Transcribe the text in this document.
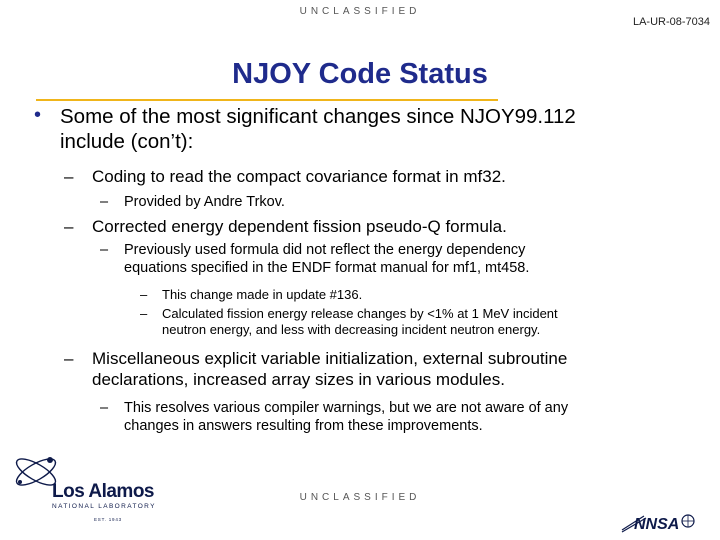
UNCLASSIFIED
LA-UR-08-7034
NJOY Code Status
• Some of the most significant changes since NJOY99.112
include (con’t):
– Coding to read the compact covariance format in mf32.
– Provided by Andre Trkov.
– Corrected energy dependent fission pseudo-Q formula.
– Previously used formula did not reflect the energy dependency
equations specified in the ENDF format manual for mf1, mt458.
– This change made in update #136.
– Calculated fission energy release changes by <1% at 1 MeV incident
neutron energy, and less with decreasing incident neutron energy.
– Miscellaneous explicit variable initialization, external subroutine
declarations, increased array sizes in various modules.
– This resolves various compiler warnings, but we are not aware of any
changes in answers resulting from these improvements.
Los Alamos
NATIONAL LABORATORY
EST. 1943
UNCLASSIFIED
NNSA
